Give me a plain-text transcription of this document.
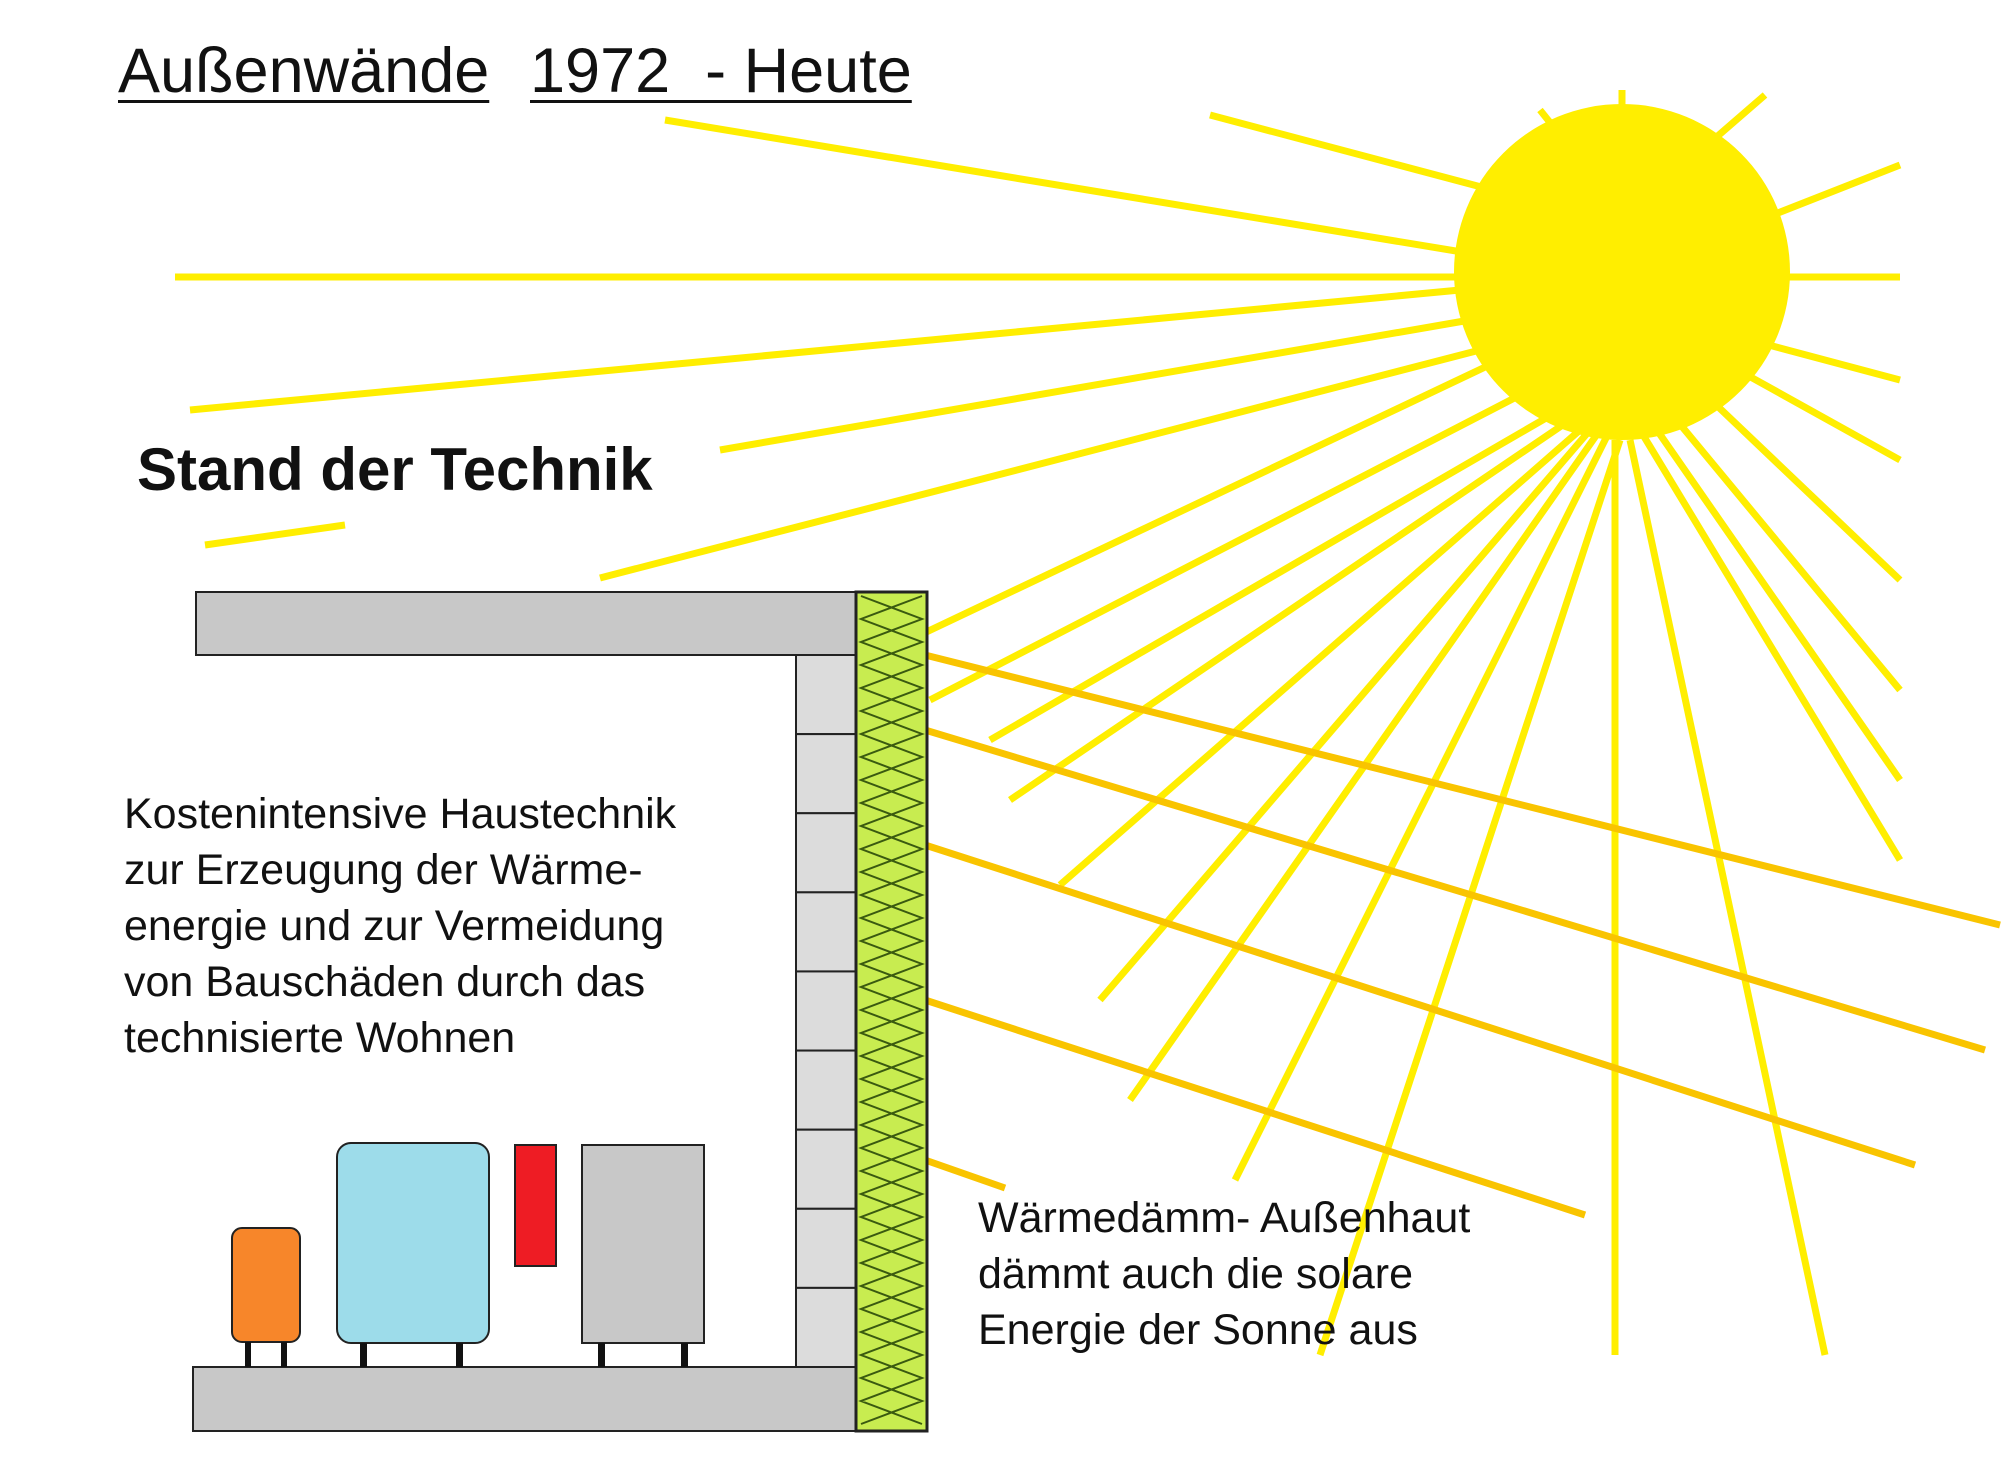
Außenwände 1972  - Heute
Stand der Technik
Kostenintensive Haustechnik
zur Erzeugung der Wärme-
energie und zur Vermeidung
von Bauschäden durch das
technisierte Wohnen
Wärmedämm- Außenhaut
dämmt auch die solare
Energie der Sonne aus
